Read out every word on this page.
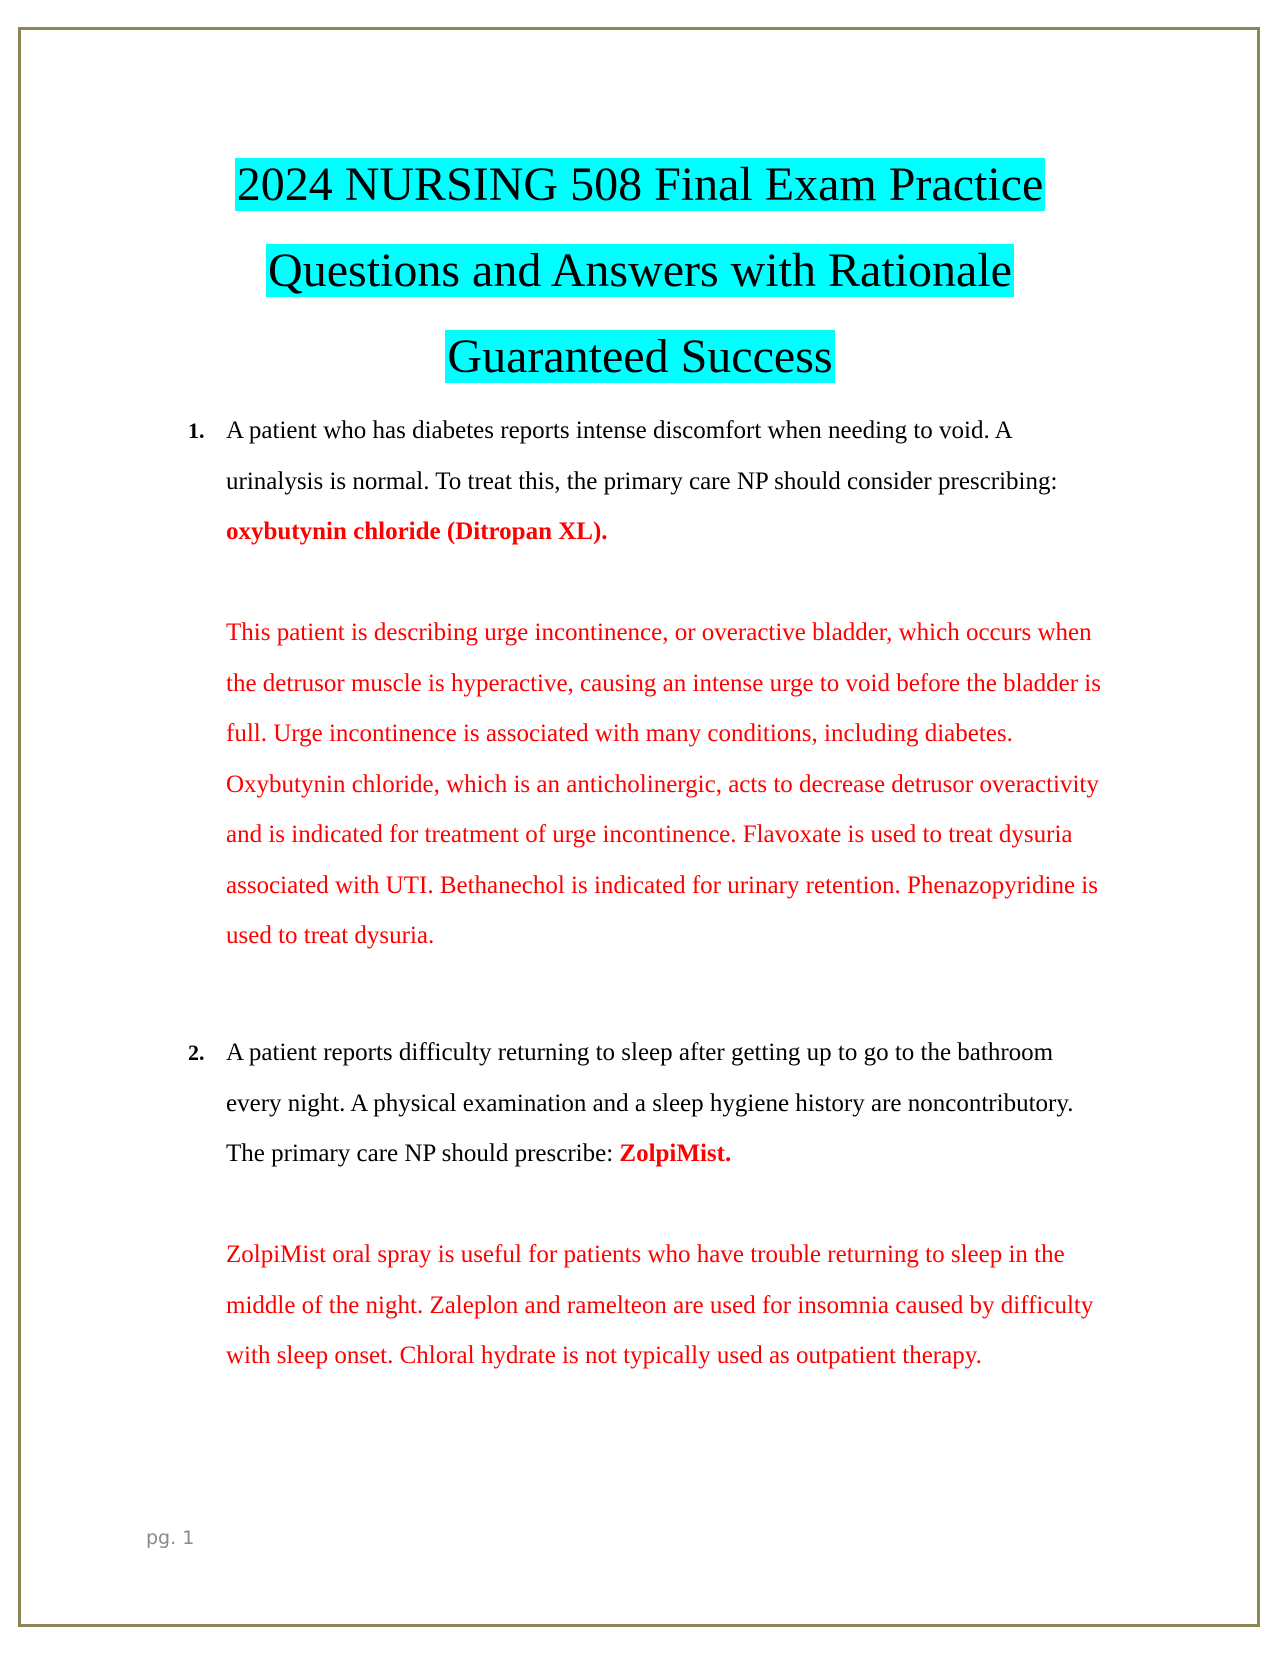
2024 NURSING 508 Final Exam Practice
Questions and Answers with Rationale
Guaranteed Success
1. A patient who has diabetes reports intense discomfort when needing to void. A urinalysis is normal. To treat this, the primary care NP should consider prescribing: oxybutynin chloride (Ditropan XL).

This patient is describing urge incontinence, or overactive bladder, which occurs when the detrusor muscle is hyperactive, causing an intense urge to void before the bladder is full. Urge incontinence is associated with many conditions, including diabetes.

Oxybutynin chloride, which is an anticholinergic, acts to decrease detrusor overactivity and is indicated for treatment of urge incontinence. Flavoxate is used to treat dysuria associated with UTI. Bethanechol is indicated for urinary retention. Phenazopyridine is used to treat dysuria.

2. A patient reports difficulty returning to sleep after getting up to go to the bathroom every night. A physical examination and a sleep hygiene history are noncontributory. The primary care NP should prescribe: ZolpiMist.

ZolpiMist oral spray is useful for patients who have trouble returning to sleep in the middle of the night. Zaleplon and ramelteon are used for insomnia caused by difficulty with sleep onset. Chloral hydrate is not typically used as outpatient therapy.

pg. 1
